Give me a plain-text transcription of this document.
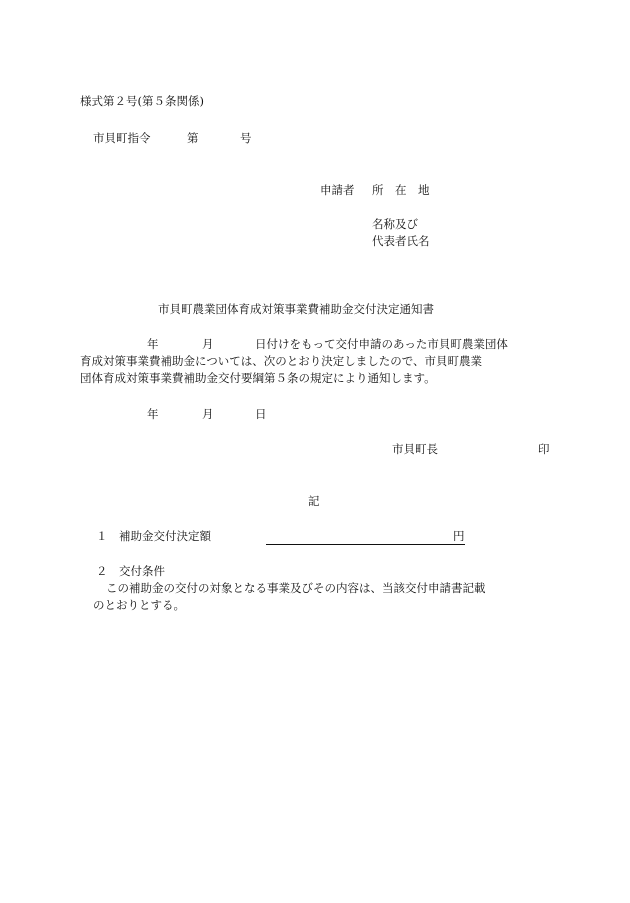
様式第２号(第５条関係)
市貝町指令	第	号
申請者 所　在　地
名称及び
代表者氏名
市貝町農業団体育成対策事業費補助金交付決定通知書
年	月	日付けをもって交付申請のあった市貝町農業団体
育成対策事業費補助金については、次のとおり決定しましたので、市貝町農業
団体育成対策事業費補助金交付要綱第５条の規定により通知します。
年	月	日
市貝町長	印
記
１ 補助金交付決定額	円
２ 交付条件
この補助金の交付の対象となる事業及びその内容は、当該交付申請書記載
のとおりとする。
